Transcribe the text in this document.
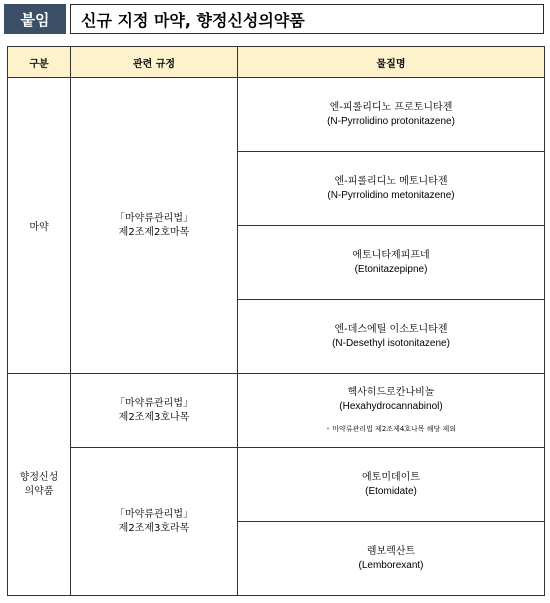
붙임	신규 지정 마약, 향정신성의약품
구분	관련 규정	물질명
마약	「마약류관리법」
제2조제2호마목	엔-피롤리디노 프로토니타젠
(N-Pyrrolidino protonitazene)

		엔-피롤리디노 메토니타젠
(N-Pyrrolidino metonitazene)

		에토니타제피프네
(Etonitazepipne)

		엔-데스에틸 이소토니타젠
(N-Desethyl isotonitazene)

향정신성
의약품	「마약류관리법」
제2조제3호나목	헥사히드로칸나비놀
(Hexahydrocannabinol)
• 마약류관리법 제2조제4호나목 해당 제외

	「마약류관리법」
제2조제3호라목	에토미데이트
(Etomidate)

		렘보렉산트
(Lemborexant)
